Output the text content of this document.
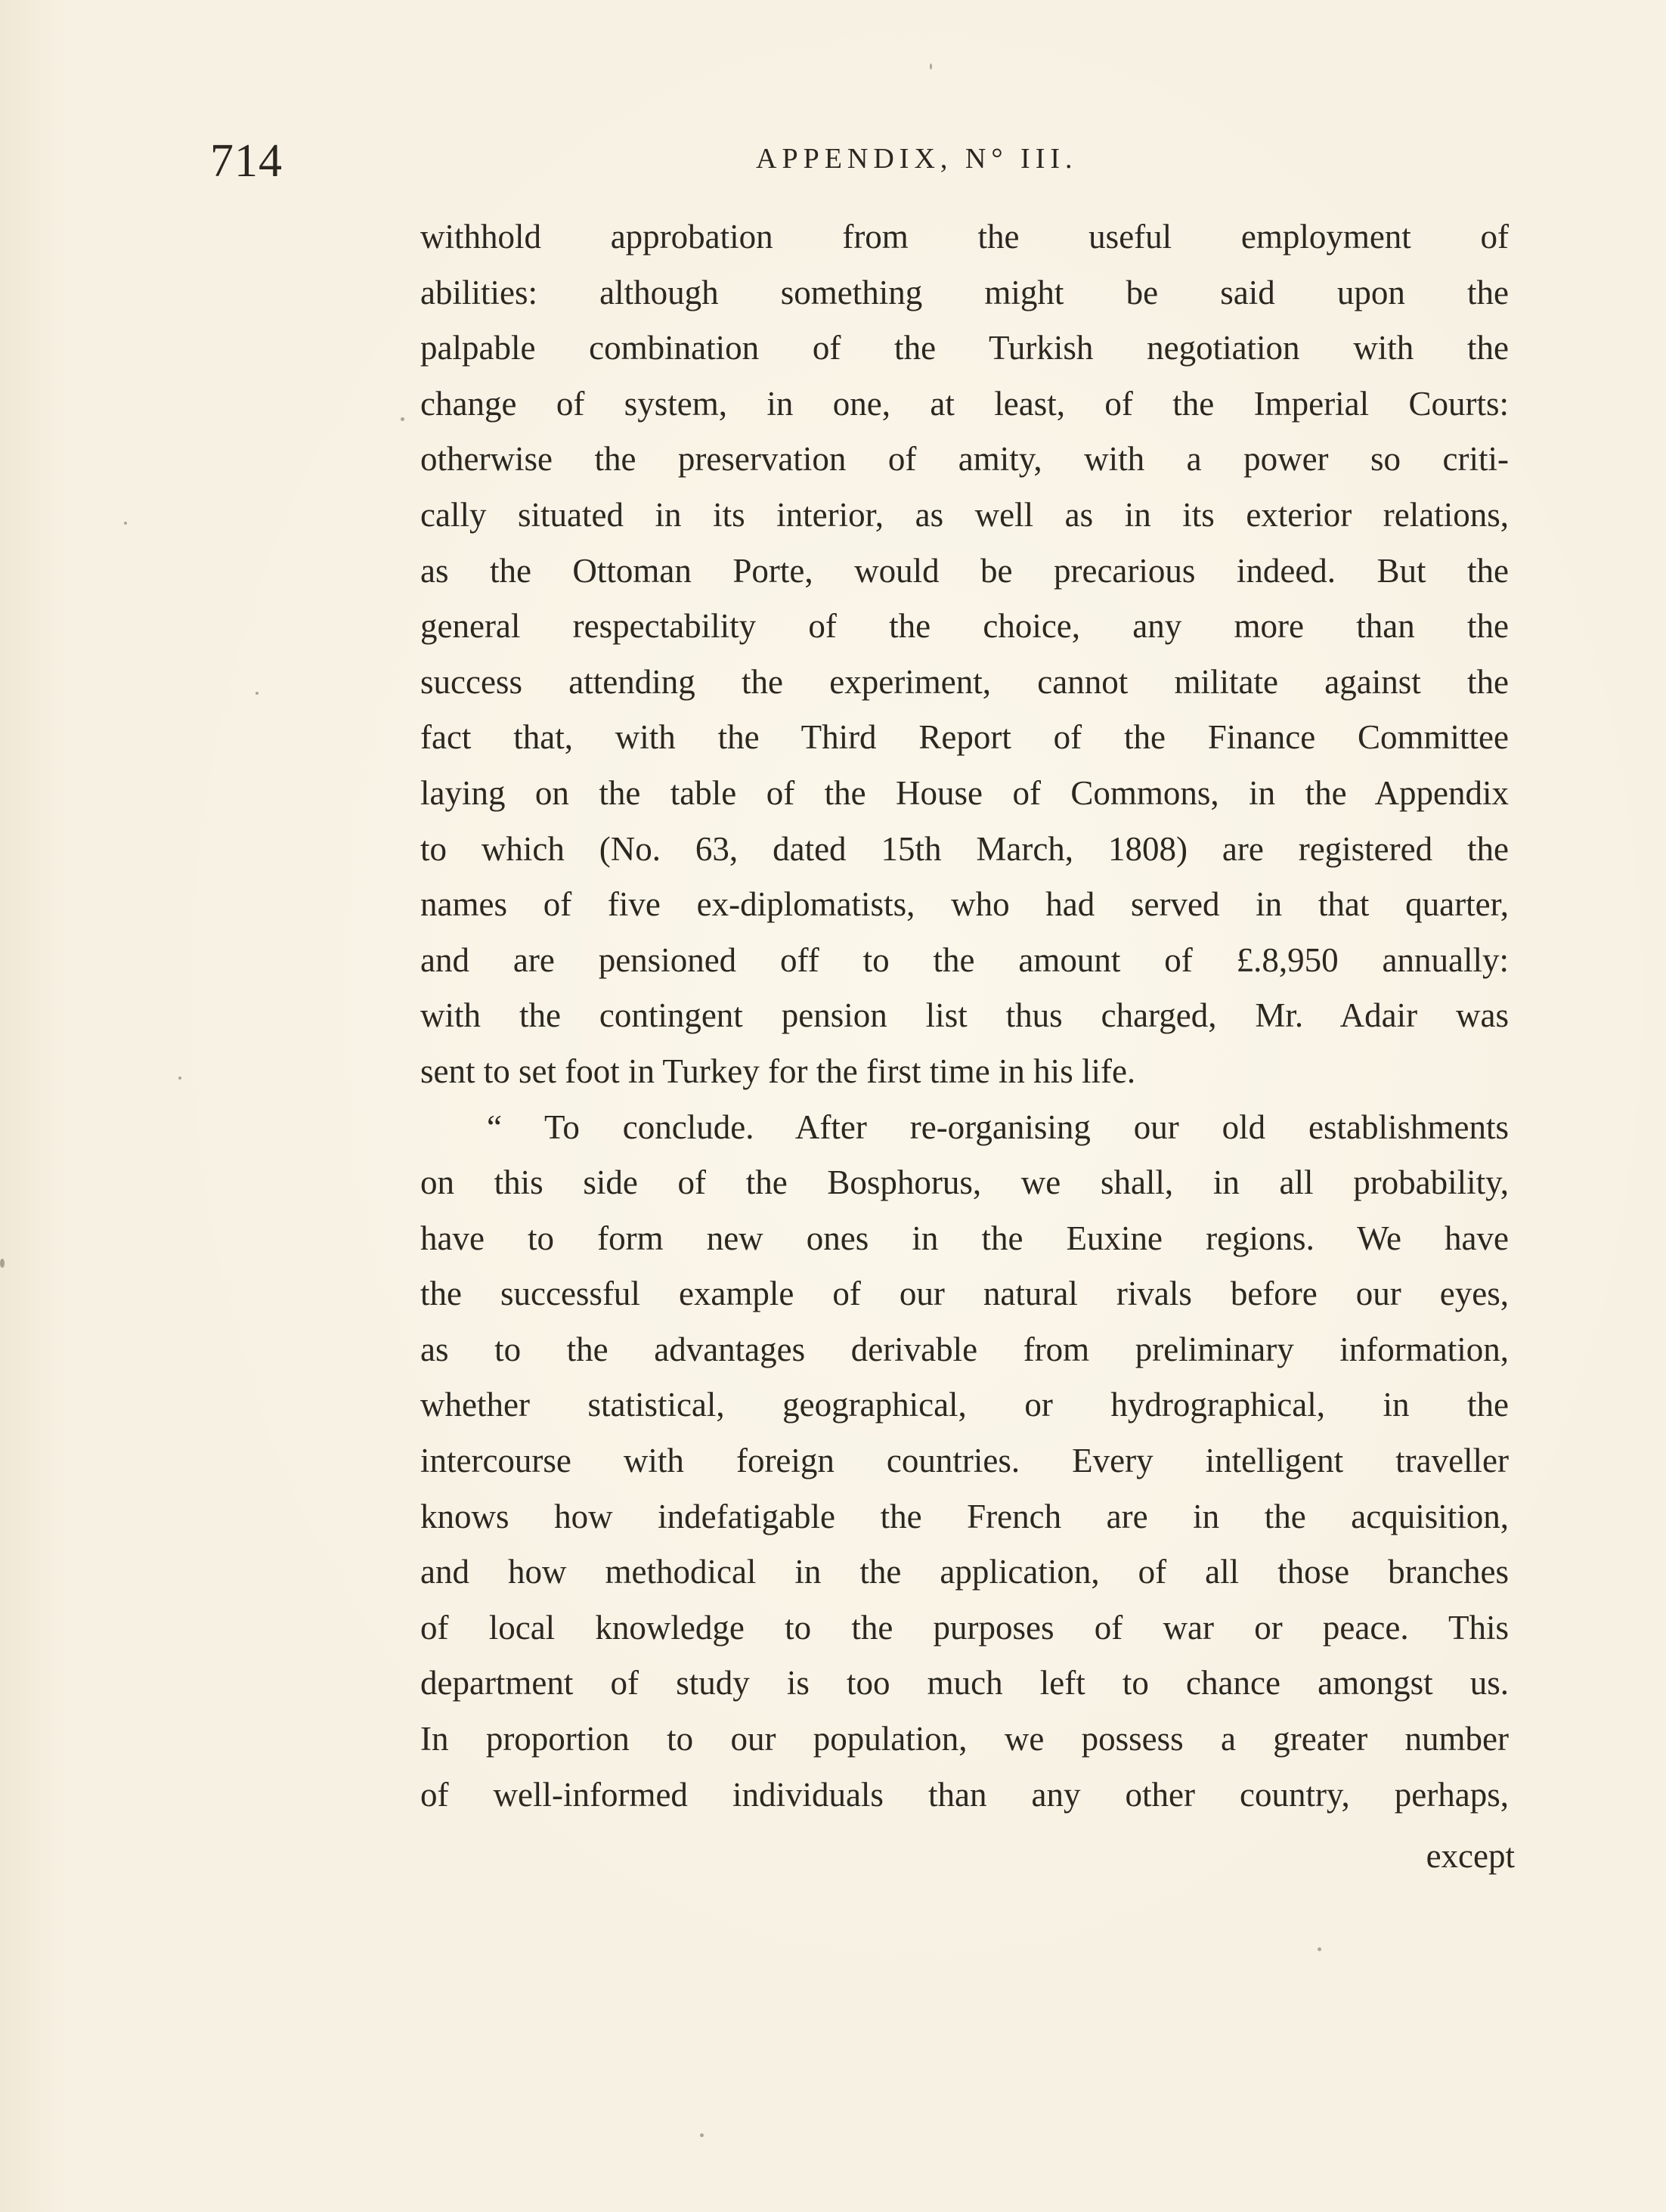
714	APPENDIX, N° III.
withhold approbation from the useful employment of
abilities: although something might be said upon the
palpable combination of the Turkish negotiation with the
change of system, in one, at least, of the Imperial Courts:
otherwise the preservation of amity, with a power so criti-
cally situated in its interior, as well as in its exterior relations,
as the Ottoman Porte, would be precarious indeed. But the
general respectability of the choice, any more than the
success attending the experiment, cannot militate against the
fact that, with the Third Report of the Finance Committee
laying on the table of the House of Commons, in the Appendix
to which (No. 63, dated 15th March, 1808) are registered the
names of five ex-diplomatists, who had served in that quarter,
and are pensioned off to the amount of £.8,950 annually:
with the contingent pension list thus charged, Mr. Adair was
sent to set foot in Turkey for the first time in his life.
“ To conclude. After re-organising our old establishments
on this side of the Bosphorus, we shall, in all probability,
have to form new ones in the Euxine regions. We have
the successful example of our natural rivals before our eyes,
as to the advantages derivable from preliminary information,
whether statistical, geographical, or hydrographical, in the
intercourse with foreign countries. Every intelligent traveller
knows how indefatigable the French are in the acquisition,
and how methodical in the application, of all those branches
of local knowledge to the purposes of war or peace. This
department of study is too much left to chance amongst us.
In proportion to our population, we possess a greater number
of well-informed individuals than any other country, perhaps,
except
